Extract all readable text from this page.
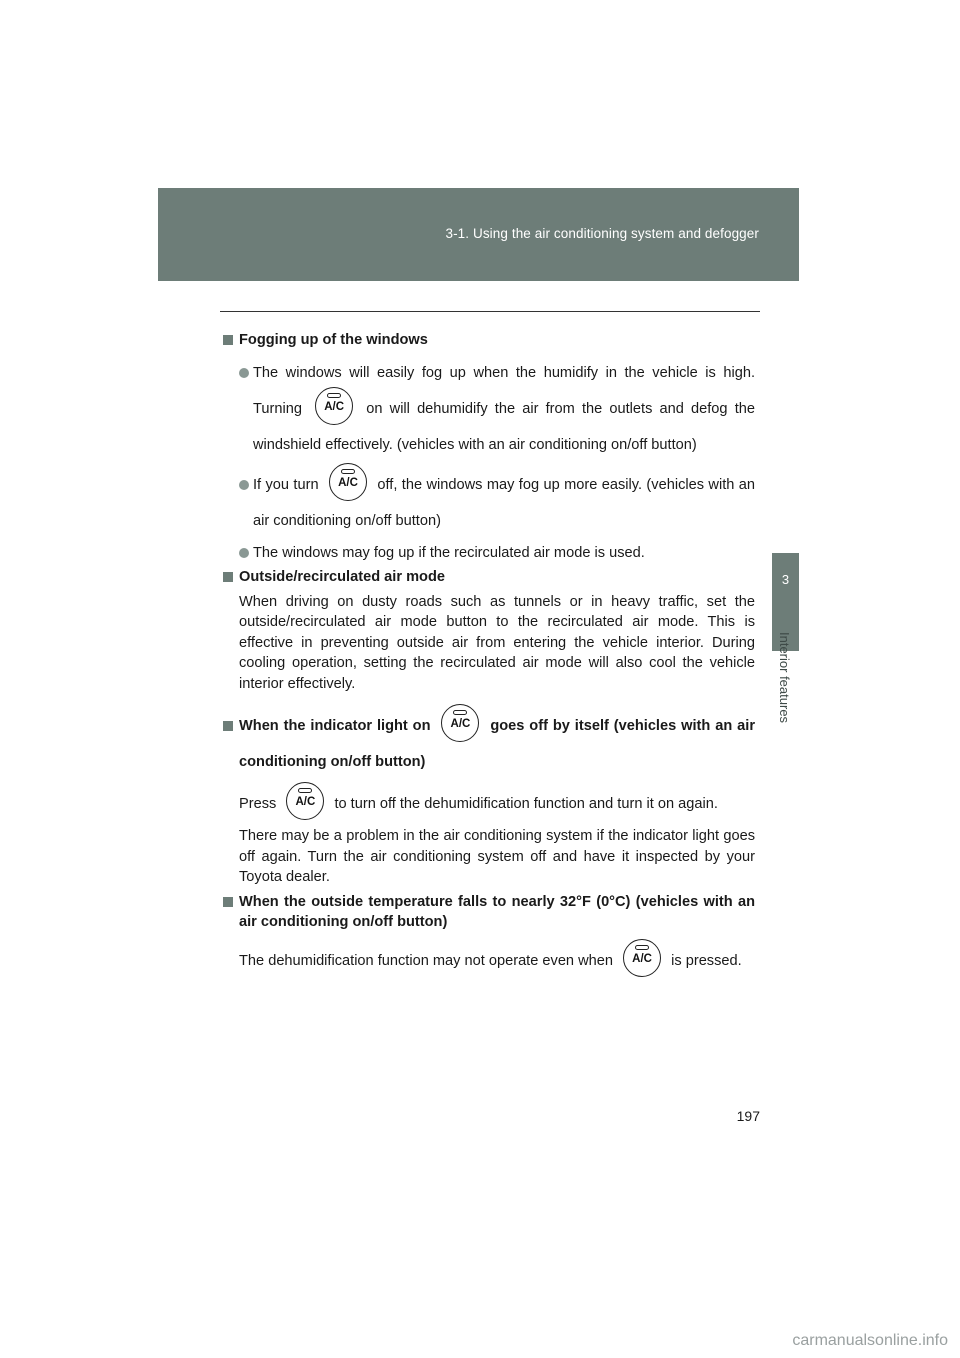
3-1. Using the air conditioning system and defogger
3
Interior features
Fogging up of the windows
The windows will easily fog up when the humidify in the vehicle is high. Turning	A/C	on will dehumidify the air from the outlets and defog the windshield effectively. (vehicles with an air conditioning on/off button)
If you turn	A/C	off, the windows may fog up more easily. (vehicles with an air conditioning on/off button)
The windows may fog up if the recirculated air mode is used.
Outside/recirculated air mode
When driving on dusty roads such as tunnels or in heavy traffic, set the outside/recirculated air mode button to the recirculated air mode. This is effective in preventing outside air from entering the vehicle interior. During cooling operation, setting the recirculated air mode will also cool the vehicle interior effectively.
When the indicator light on	A/C	goes off by itself (vehicles with an air conditioning on/off button)
Press	A/C	to turn off the dehumidification function and turn it on again.
There may be a problem in the air conditioning system if the indicator light goes off again. Turn the air conditioning system off and have it inspected by your Toyota dealer.
When the outside temperature falls to nearly 32°F (0°C) (vehicles with an air conditioning on/off button)
The dehumidification function may not operate even when	A/C	is pressed.
197
carmanualsonline.info
